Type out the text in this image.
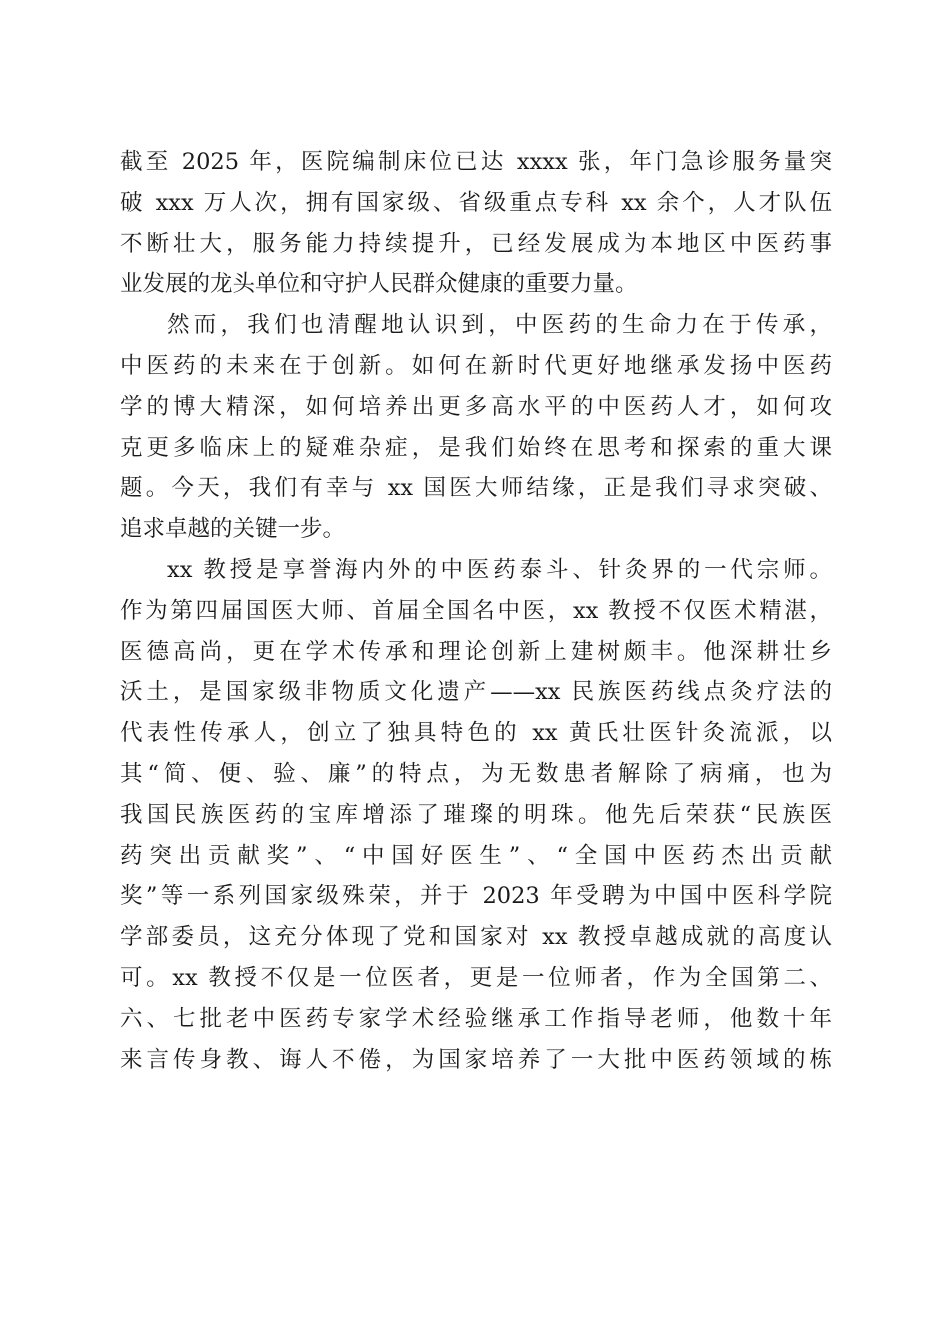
截至 2025 年，医院编制床位已达 xxxx 张，年门急诊服务量突
破 xxx 万人次，拥有国家级、省级重点专科 xx 余个，人才队伍
不断壮大，服务能力持续提升，已经发展成为本地区中医药事
业发展的龙头单位和守护人民群众健康的重要力量。
然而，我们也清醒地认识到，中医药的生命力在于传承，
中医药的未来在于创新。如何在新时代更好地继承发扬中医药
学的博大精深，如何培养出更多高水平的中医药人才，如何攻
克更多临床上的疑难杂症，是我们始终在思考和探索的重大课
题。今天，我们有幸与 xx 国医大师结缘，正是我们寻求突破、
追求卓越的关键一步。
xx 教授是享誉海内外的中医药泰斗、针灸界的一代宗师。
作为第四届国医大师、首届全国名中医，xx 教授不仅医术精湛，
医德高尚，更在学术传承和理论创新上建树颇丰。他深耕壮乡
沃土，是国家级非物质文化遗产——xx 民族医药线点灸疗法的
代表性传承人，创立了独具特色的 xx 黄氏壮医针灸流派，以
其“简、便、验、廉”的特点，为无数患者解除了病痛，也为
我国民族医药的宝库增添了璀璨的明珠。他先后荣获“民族医
药突出贡献奖”、“中国好医生”、“全国中医药杰出贡献
奖”等一系列国家级殊荣，并于 2023 年受聘为中国中医科学院
学部委员，这充分体现了党和国家对 xx 教授卓越成就的高度认
可。xx 教授不仅是一位医者，更是一位师者，作为全国第二、
六、七批老中医药专家学术经验继承工作指导老师，他数十年
来言传身教、诲人不倦，为国家培养了一大批中医药领域的栋
